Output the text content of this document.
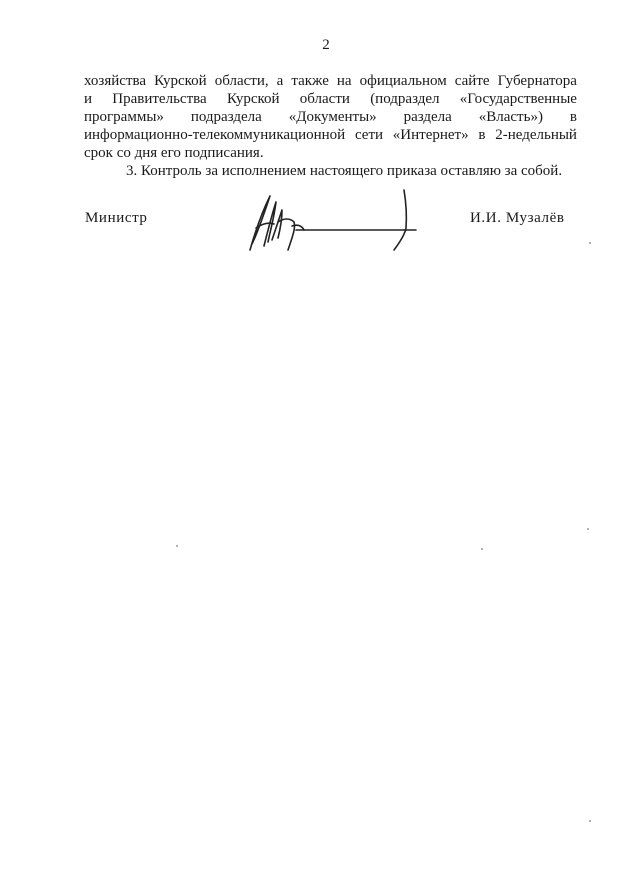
2
хозяйства Курской области, а также на официальном сайте Губернатора
и Правительства Курской области (подраздел «Государственные
программы» подраздела «Документы» раздела «Власть») в
информационно-телекоммуникационной сети «Интернет» в 2-недельный
срок со дня его подписания.
3. Контроль за исполнением настоящего приказа оставляю за собой.
Министр	И.И. Музалёв
